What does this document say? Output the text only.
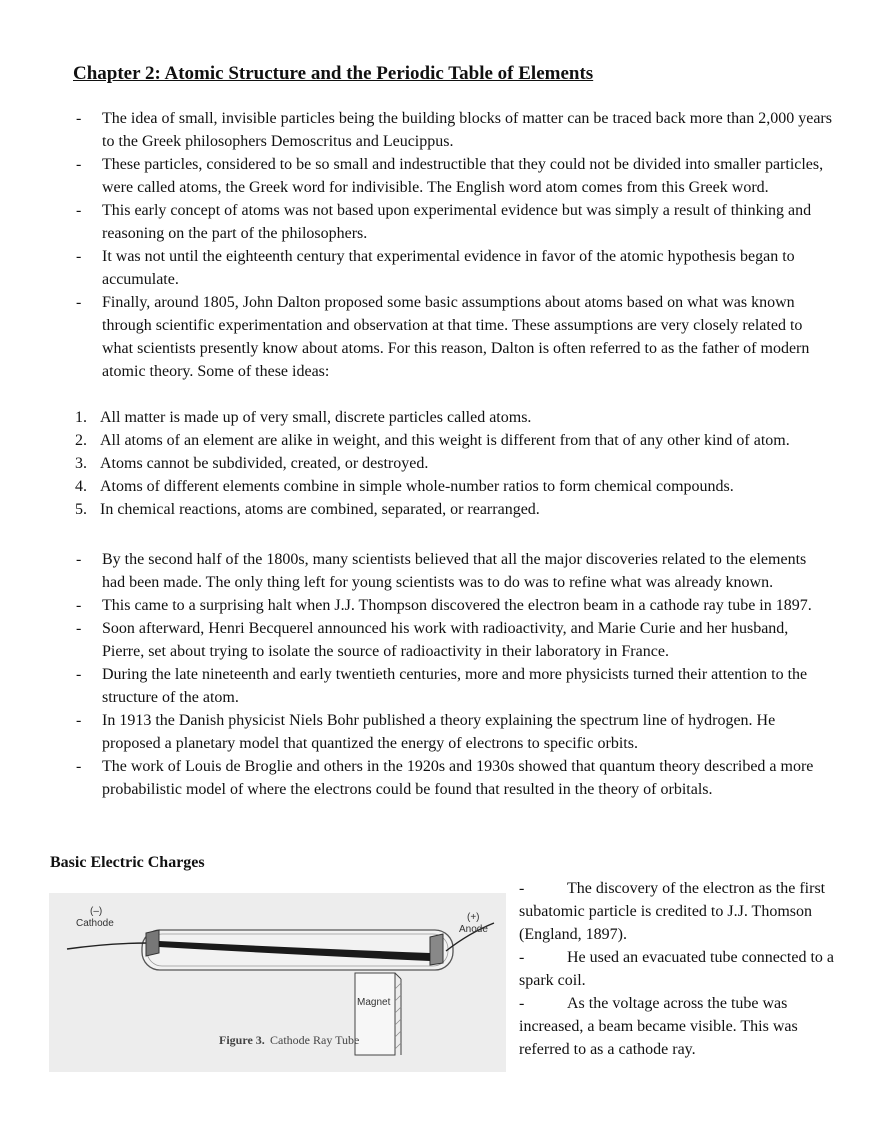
Chapter 2: Atomic Structure and the Periodic Table of Elements
- The idea of small, invisible particles being the building blocks of matter can be traced back more than 2,000 years to the Greek philosophers Demoscritus and Leucippus.
- These particles, considered to be so small and indestructible that they could not be divided into smaller particles, were called atoms, the Greek word for indivisible. The English word atom comes from this Greek word.
- This early concept of atoms was not based upon experimental evidence but was simply a result of thinking and reasoning on the part of the philosophers.
- It was not until the eighteenth century that experimental evidence in favor of the atomic hypothesis began to accumulate.
- Finally, around 1805, John Dalton proposed some basic assumptions about atoms based on what was known through scientific experimentation and observation at that time. These assumptions are very closely related to what scientists presently know about atoms. For this reason, Dalton is often referred to as the father of modern atomic theory. Some of these ideas:
1. All matter is made up of very small, discrete particles called atoms.
2. All atoms of an element are alike in weight, and this weight is different from that of any other kind of atom.
3. Atoms cannot be subdivided, created, or destroyed.
4. Atoms of different elements combine in simple whole-number ratios to form chemical compounds.
5. In chemical reactions, atoms are combined, separated, or rearranged.
- By the second half of the 1800s, many scientists believed that all the major discoveries related to the elements had been made. The only thing left for young scientists was to do was to refine what was already known.
- This came to a surprising halt when J.J. Thompson discovered the electron beam in a cathode ray tube in 1897.
- Soon afterward, Henri Becquerel announced his work with radioactivity, and Marie Curie and her husband, Pierre, set about trying to isolate the source of radioactivity in their laboratory in France.
- During the late nineteenth and early twentieth centuries, more and more physicists turned their attention to the structure of the atom.
- In 1913 the Danish physicist Niels Bohr published a theory explaining the spectrum line of hydrogen. He proposed a planetary model that quantized the energy of electrons to specific orbits.
- The work of Louis de Broglie and others in the 1920s and 1930s showed that quantum theory described a more probabilistic model of where the electrons could be found that resulted in the theory of orbitals.
Basic Electric Charges
(–)
Cathode
(+)
Anode
Magnet
Figure 3. Cathode Ray Tube
-	The discovery of the electron as the first subatomic particle is credited to J.J. Thomson (England, 1897).
-	He used an evacuated tube connected to a spark coil.
-	As the voltage across the tube was increased, a beam became visible. This was referred to as a cathode ray.
